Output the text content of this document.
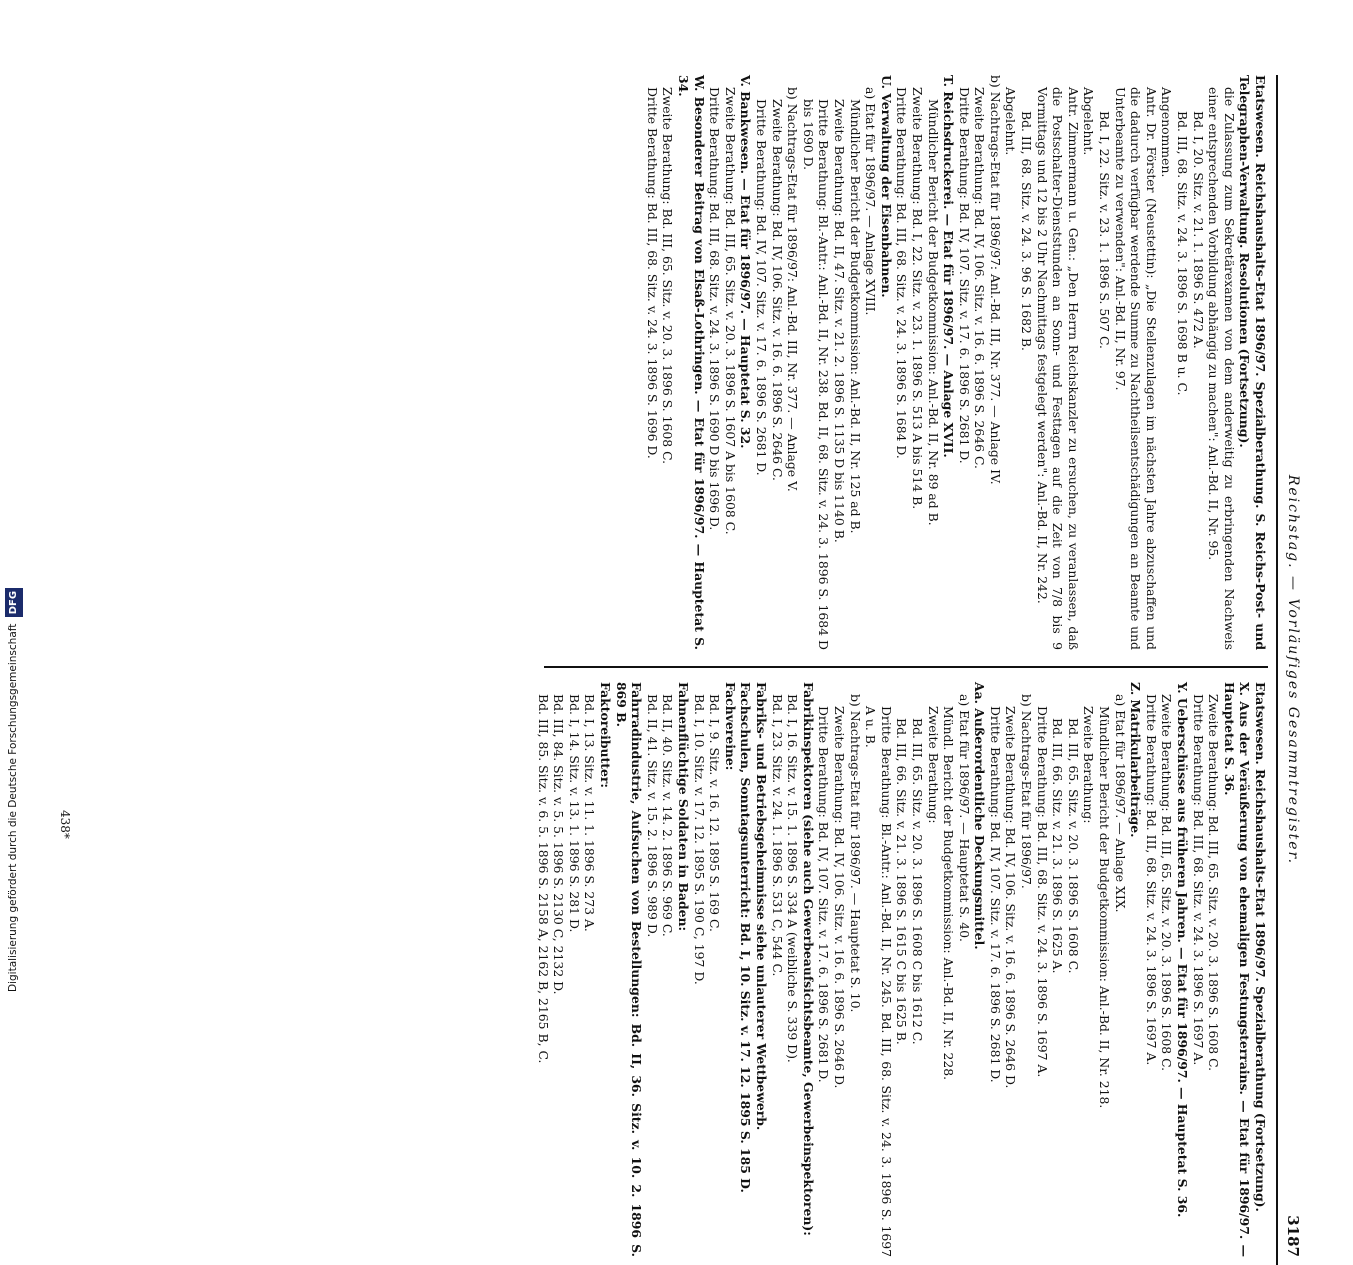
Reichstag. — Vorläufiges Gesammtregister.
3187

Etatswesen. Reichshaushalts-Etat 1896/97. Spezialberathung. S. Reichs-Post- und Telegraphen-Verwaltung. Resolutionen (Fortsetzung).

die Zulassung zum Sekretärexamen von dem anderweitig zu erbringenden Nachweis einer entsprechenden Vorbildung abhängig zu machen": Anl.-Bd. II, Nr. 95.

Bd. I, 20. Sitz. v. 21. 1. 1896 S. 472 A.

Bd. III, 68. Sitz. v. 24. 3. 1896 S. 1698 B u. C.

Angenommen.

Antr. Dr. Förster (Neustettin): „Die Stellenzulagen im nächsten Jahre abzuschaffen und die dadurch verfügbar werdende Summe zu Nachtheilsentschädigungen an Beamte und Unterbeamte zu verwenden": Anl.-Bd. II, Nr. 97.

Bd. I, 22. Sitz. v. 23. 1. 1896 S. 507 C.

Abgelehnt.

Antr. Zimmermann u. Gen.: „Den Herrn Reichskanzler zu ersuchen, zu veranlassen, daß die Postschalter-Dienststunden an Sonn- und Festtagen auf die Zeit von 7/8 bis 9 Vormittags und 12 bis 2 Uhr Nachmittags festgelegt werden": Anl.-Bd. II, Nr. 242.

Bd. III, 68. Sitz. v. 24. 3. 96 S. 1682 B.

Abgelehnt.

b) Nachtrags-Etat für 1896/97: Anl.-Bd. III, Nr. 377. — Anlage IV.

Zweite Berathung: Bd. IV, 106. Sitz. v. 16. 6. 1896 S. 2646 C.

Dritte Berathung: Bd. IV, 107. Sitz. v. 17. 6. 1896 S. 2681 D.

T. Reichsdruckerei. — Etat für 1896/97. — Anlage XVII.

Mündlicher Bericht der Budgetkommission: Anl.-Bd. II, Nr. 89 ad B.

Zweite Berathung: Bd. I, 22. Sitz. v. 23. 1. 1896 S. 513 A bis 514 B.

Dritte Berathung: Bd. III, 68. Sitz. v. 24. 3. 1896 S. 1684 D.

U. Verwaltung der Eisenbahnen.

a) Etat für 1896/97. — Anlage XVIII.

Mündlicher Bericht der Budgetkommission: Anl.-Bd. II, Nr. 125 ad B.

Zweite Berathung: Bd. II, 47. Sitz. v. 21. 2. 1896 S. 1135 D bis 1140 B.

Dritte Berathung: Bl.-Antr.: Anl.-Bd. II, Nr. 238. Bd. II, 68. Sitz. v. 24. 3. 1896 S. 1684 D bis 1690 D.

b) Nachtrags-Etat für 1896/97: Anl.-Bd. III, Nr. 377. — Anlage V.

Zweite Berathung: Bd. IV, 106. Sitz. v. 16. 6. 1896 S. 2646 C.

Dritte Berathung: Bd. IV, 107. Sitz. v. 17. 6. 1896 S. 2681 D.

V. Bankwesen. — Etat für 1896/97. — Hauptetat S. 32.

Zweite Berathung: Bd. III, 65. Sitz. v. 20. 3. 1896 S. 1607 A bis 1608 C.

Dritte Berathung: Bd. III, 68. Sitz. v. 24. 3. 1896 S. 1690 D bis 1696 D.

W. Besonderer Beitrag von Elsaß-Lothringen. — Etat für 1896/97. — Hauptetat S. 34.

Zweite Berathung: Bd. III, 65. Sitz. v. 20. 3. 1896 S. 1608 C.

Dritte Berathung: Bd. III, 68. Sitz. v. 24. 3. 1896 S. 1696 D.

Etatswesen. Reichshaushalts-Etat 1896/97. Spezialberathung (Fortsetzung).

X. Aus der Veräußerung von ehemaligen Festungsterrains. — Etat für 1896/97. — Hauptetat S. 36.

Zweite Berathung: Bd. III, 65. Sitz. v. 20. 3. 1896 S. 1608 C.

Dritte Berathung: Bd. III, 68. Sitz. v. 24. 3. 1896 S. 1697 A.

Y. Ueberschüsse aus früheren Jahren. — Etat für 1896/97. — Hauptetat S. 36.

Zweite Berathung: Bd. III, 65. Sitz. v. 20. 3. 1896 S. 1608 C.

Dritte Berathung: Bd. III, 68. Sitz. v. 24. 3. 1896 S. 1697 A.

Z. Matrikularbeiträge.

a) Etat für 1896/97. — Anlage XIX.

Mündlicher Bericht der Budgetkommission: Anl.-Bd. II, Nr. 218.

Zweite Berathung:

Bd. III, 65. Sitz. v. 20. 3. 1896 S. 1608 C.

Bd. III, 66. Sitz. v. 21. 3. 1896 S. 1625 A.

Dritte Berathung: Bd. III, 68. Sitz. v. 24. 3. 1896 S. 1697 A.

b) Nachtrags-Etat für 1896/97.

Zweite Berathung: Bd. IV, 106. Sitz. v. 16. 6. 1896 S. 2646 D.

Dritte Berathung: Bd. IV, 107. Sitz. v. 17. 6. 1896 S. 2681 D.

Aa. Außerordentliche Deckungsmittel.

a) Etat für 1896/97. — Hauptetat S. 40.

Mündl. Bericht der Budgetkommission: Anl.-Bd. II, Nr. 228.

Zweite Berathung:

Bd. III, 65. Sitz. v. 20. 3. 1896 S. 1608 C bis 1612 C.

Bd. III, 66. Sitz. v. 21. 3. 1896 S. 1615 C bis 1625 B.

Dritte Berathung: Bl.-Antr.: Anl.-Bd. II, Nr. 245. Bd. III, 68. Sitz. v. 24. 3. 1896 S. 1697 A u. B.

b) Nachtrags-Etat für 1896/97. — Hauptetat S. 10.

Zweite Berathung: Bd. IV, 106. Sitz. v. 16. 6. 1896 S. 2646 D.

Dritte Berathung: Bd. IV, 107. Sitz. v. 17. 6. 1896 S. 2681 D.

Fabrikinspektoren (siehe auch Gewerbeaufsichtsbeamte, Gewerbeinspektoren):

Bd. I, 16. Sitz. v. 15. 1. 1896 S. 334 A (weibliche S. 339 D).

Bd. I, 23. Sitz. v. 24. 1. 1896 S. 531 C, 544 C.

Fabriks- und Betriebsgeheimnisse siehe unlauterer Wettbewerb.

Fachschulen, Sonntagsunterricht: Bd. I, 10. Sitz. v. 17. 12. 1895 S. 185 D.

Fachvereine:

Bd. I, 9. Sitz. v. 16. 12. 1895 S. 169 C.

Bd. I, 10. Sitz. v. 17. 12. 1895 S. 190 C, 197 D.

Fahnenflüchtige Soldaten in Baden:

Bd. II, 40. Sitz. v. 14. 2. 1896 S. 969 C.

Bd. II, 41. Sitz. v. 15. 2. 1896 S. 989 D.

Fahrradindustrie, Aufsuchen von Bestellungen: Bd. II, 36. Sitz. v. 10. 2. 1896 S. 869 B.

Faktoreibutter:

Bd. I, 13. Sitz. v. 11. 1. 1896 S. 273 A.

Bd. I, 14. Sitz. v. 13. 1. 1896 S. 281 D.

Bd. III, 84. Sitz. v. 5. 5. 1896 S. 2130 C, 2132 D.

Bd. III, 85. Sitz. v. 6. 5. 1896 S. 2158 A, 2162 B, 2165 B, C.

Digitalisierung gefördert durch die Deutsche Forschungsgemeinschaft DFG
438*
